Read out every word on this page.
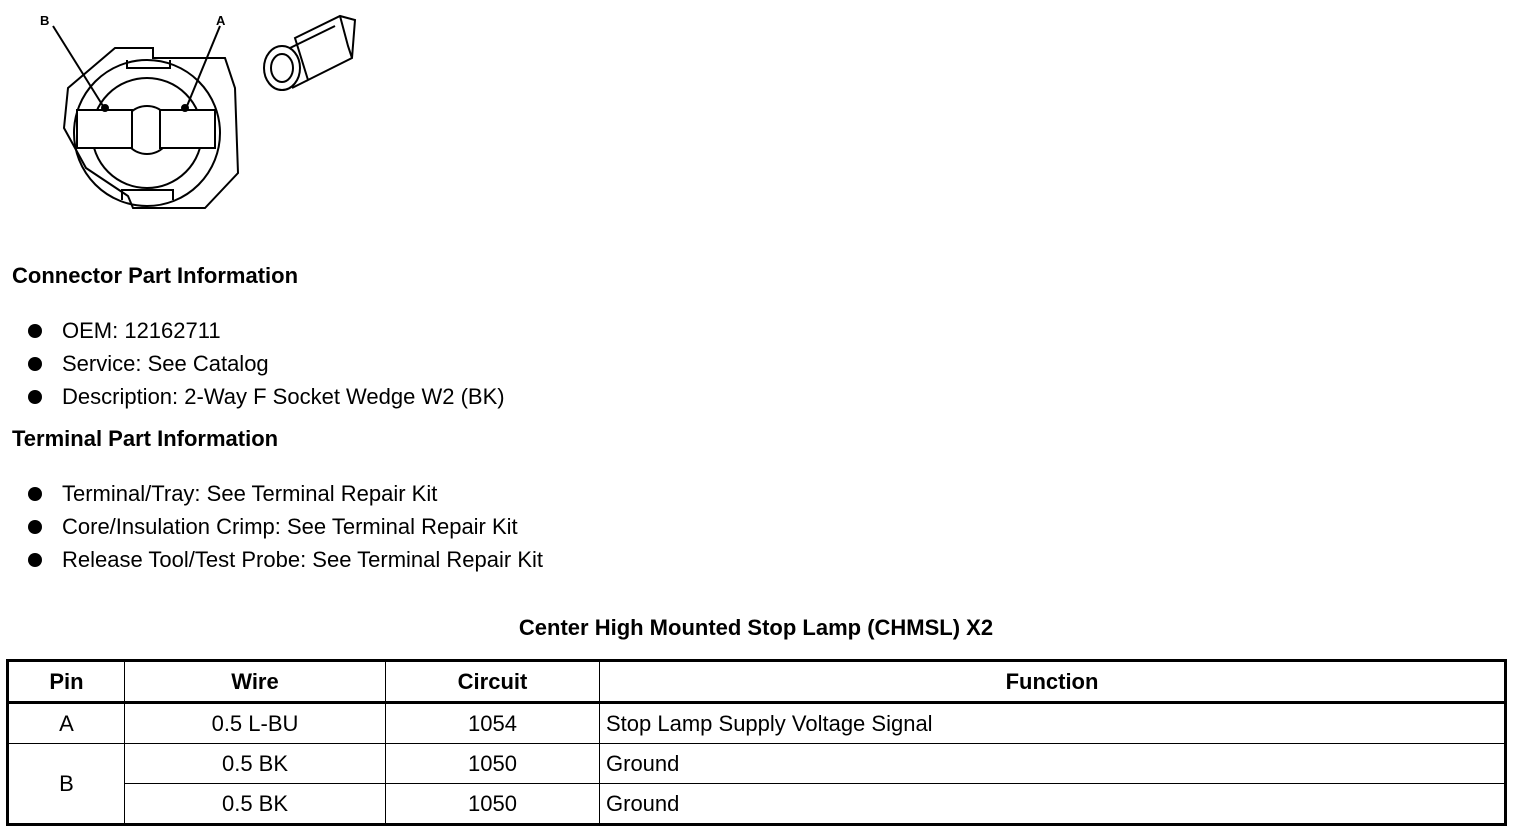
B	A
Connector Part Information
OEM: 12162711
Service: See Catalog
Description: 2-Way F Socket Wedge W2 (BK)
Terminal Part Information
Terminal/Tray: See Terminal Repair Kit
Core/Insulation Crimp: See Terminal Repair Kit
Release Tool/Test Probe: See Terminal Repair Kit
Center High Mounted Stop Lamp (CHMSL) X2
Pin	Wire	Circuit	Function
A	0.5 L-BU	1054	Stop Lamp Supply Voltage Signal
B	0.5 BK	1050	Ground
	0.5 BK	1050	Ground
